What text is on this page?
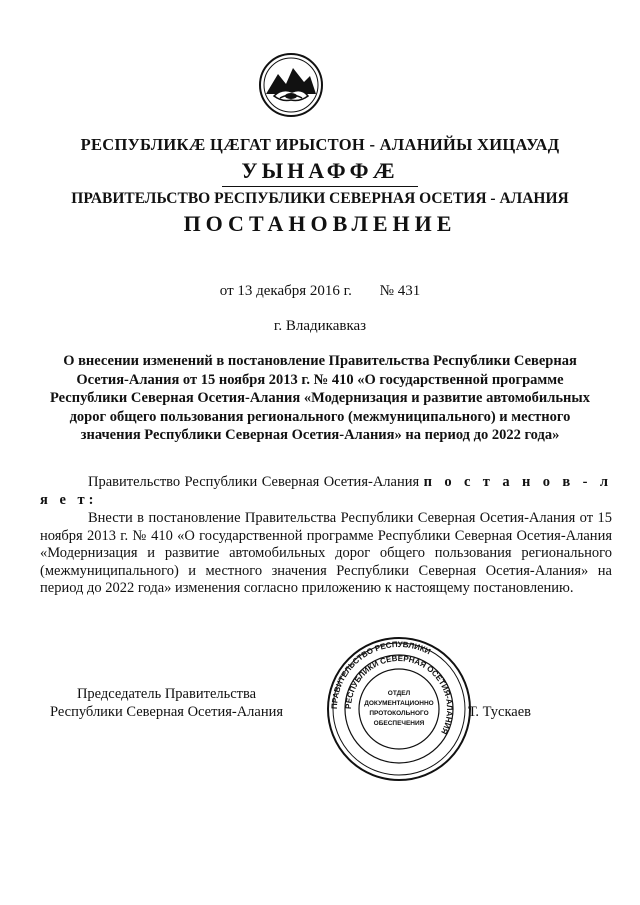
РЕСПУБЛИКӔ ЦӔГАТ ИРЫСТОН - АЛАНИЙЫ ХИЦАУАД
УЫНАФФӔ
ПРАВИТЕЛЬСТВО РЕСПУБЛИКИ СЕВЕРНАЯ ОСЕТИЯ - АЛАНИЯ
ПОСТАНОВЛЕНИЕ
от 13 декабря 2016 г. № 431
г. Владикавказ
О внесении изменений в постановление Правительства Республики Северная Осетия-Алания от 15 ноября 2013 г. № 410 «О государственной программе Республики Северная Осетия-Алания «Модернизация и развитие автомобильных дорог общего пользования регионального (межмуниципального) и местного значения Республики Северная Осетия-Алания» на период до 2022 года»
Правительство Республики Северная Осетия-Алания п о с т а н о в - л я е т:
Внести в постановление Правительства Республики Северная Осетия-Алания от 15 ноября 2013 г. № 410 «О государственной программе Республики Северная Осетия-Алания «Модернизация и развитие автомобильных дорог общего пользования регионального (межмуниципального) и местного значения Республики Северная Осетия-Алания» на период до 2022 года» изменения согласно приложению к настоящему постановлению.
Председатель Правительства
Республики Северная Осетия-Алания	ПРАВИТЕЛЬСТВО РЕСПУБЛИКИ
РЕСПУБЛИКИ СЕВЕРНАЯ ОСЕТИЯ-АЛАНИЯ
ОТДЕЛ
ДОКУМЕНТАЦИОННО
ПРОТОКОЛЬНОГО
ОБЕСПЕЧЕНИЯ
Т. Тускаев
